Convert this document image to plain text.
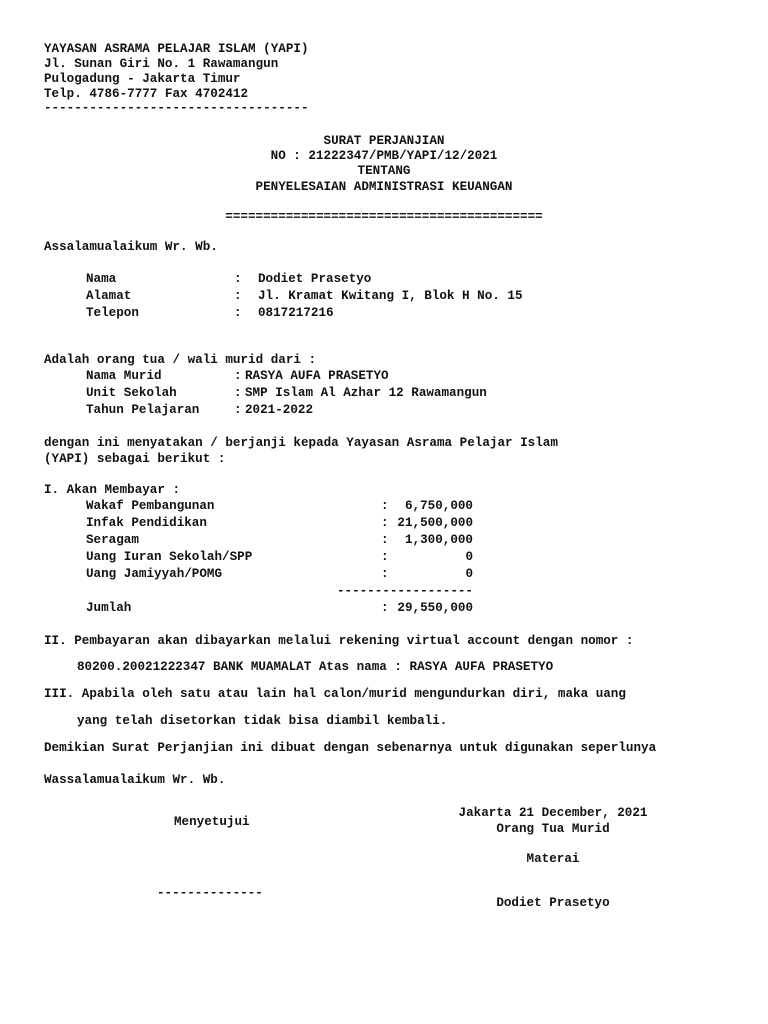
YAYASAN ASRAMA PELAJAR ISLAM (YAPI)
Jl. Sunan Giri No. 1 Rawamangun
Pulogadung - Jakarta Timur
Telp. 4786-7777 Fax 4702412
-----------------------------------
SURAT PERJANJIAN
NO : 21222347/PMB/YAPI/12/2021
TENTANG
PENYELESAIAN ADMINISTRASI KEUANGAN
==========================================
Assalamualaikum Wr. Wb.
Nama	: Dodiet Prasetyo
Alamat	: Jl. Kramat Kwitang I, Blok H No. 15
Telepon	: 0817217216
Adalah orang tua / wali murid dari :
Nama Murid	: RASYA AUFA PRASETYO
Unit Sekolah	: SMP Islam Al Azhar 12 Rawamangun
Tahun Pelajaran	: 2021-2022
dengan ini menyatakan / berjanji kepada Yayasan Asrama Pelajar Islam
(YAPI) sebagai berikut :
I. Akan Membayar :
Wakaf Pembangunan	:	6,750,000
Infak Pendidikan	: 21,500,000
Seragam	:	1,300,000
Uang Iuran Sekolah/SPP	:	0
Uang Jamiyyah/POMG	:	0
------------------
Jumlah	: 29,550,000
II. Pembayaran akan dibayarkan melalui rekening virtual account dengan nomor :
80200.20021222347 BANK MUAMALAT Atas nama : RASYA AUFA PRASETYO
III. Apabila oleh satu atau lain hal calon/murid mengundurkan diri, maka uang
yang telah disetorkan tidak bisa diambil kembali.
Demikian Surat Perjanjian ini dibuat dengan sebenarnya untuk digunakan seperlunya
Wassalamualaikum Wr. Wb.
Menyetujui
--------------
Jakarta 21 December, 2021
Orang Tua Murid
Materai
Dodiet Prasetyo
